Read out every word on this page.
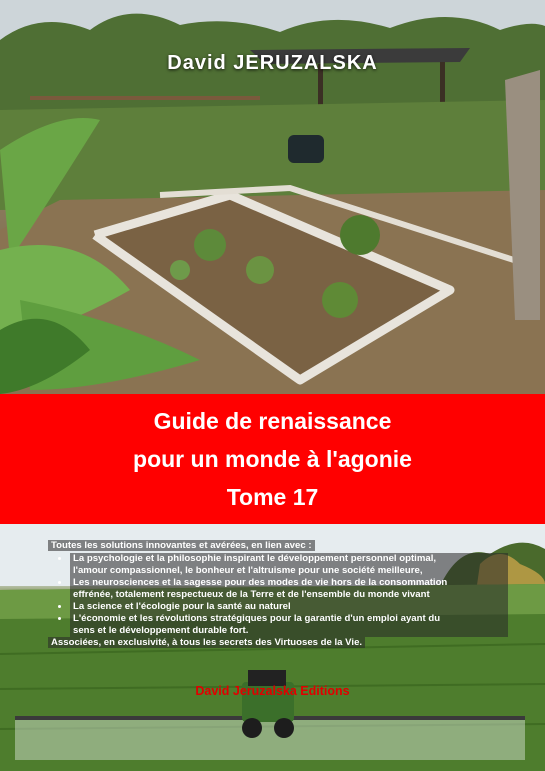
David JERUZALSKA
Guide de renaissance
pour un monde à l'agonie
Tome 17

Toutes les solutions innovantes et avérées, en lien avec :

• La psychologie et la philosophie inspirant le développement personnel optimal,
l'amour compassionnel, le bonheur et l'altruisme pour une société meilleure,
• Les neurosciences et la sagesse pour des modes de vie hors de la consommation
effrénée, totalement respectueux de la Terre et de l'ensemble du monde vivant
• La science et l'écologie pour la santé au naturel
• L'économie et les révolutions stratégiques pour la garantie d'un emploi ayant du
sens et le développement durable fort.

Associées, en exclusivité, à tous les secrets des Virtuoses de la Vie.

David Jeruzalska Editions
